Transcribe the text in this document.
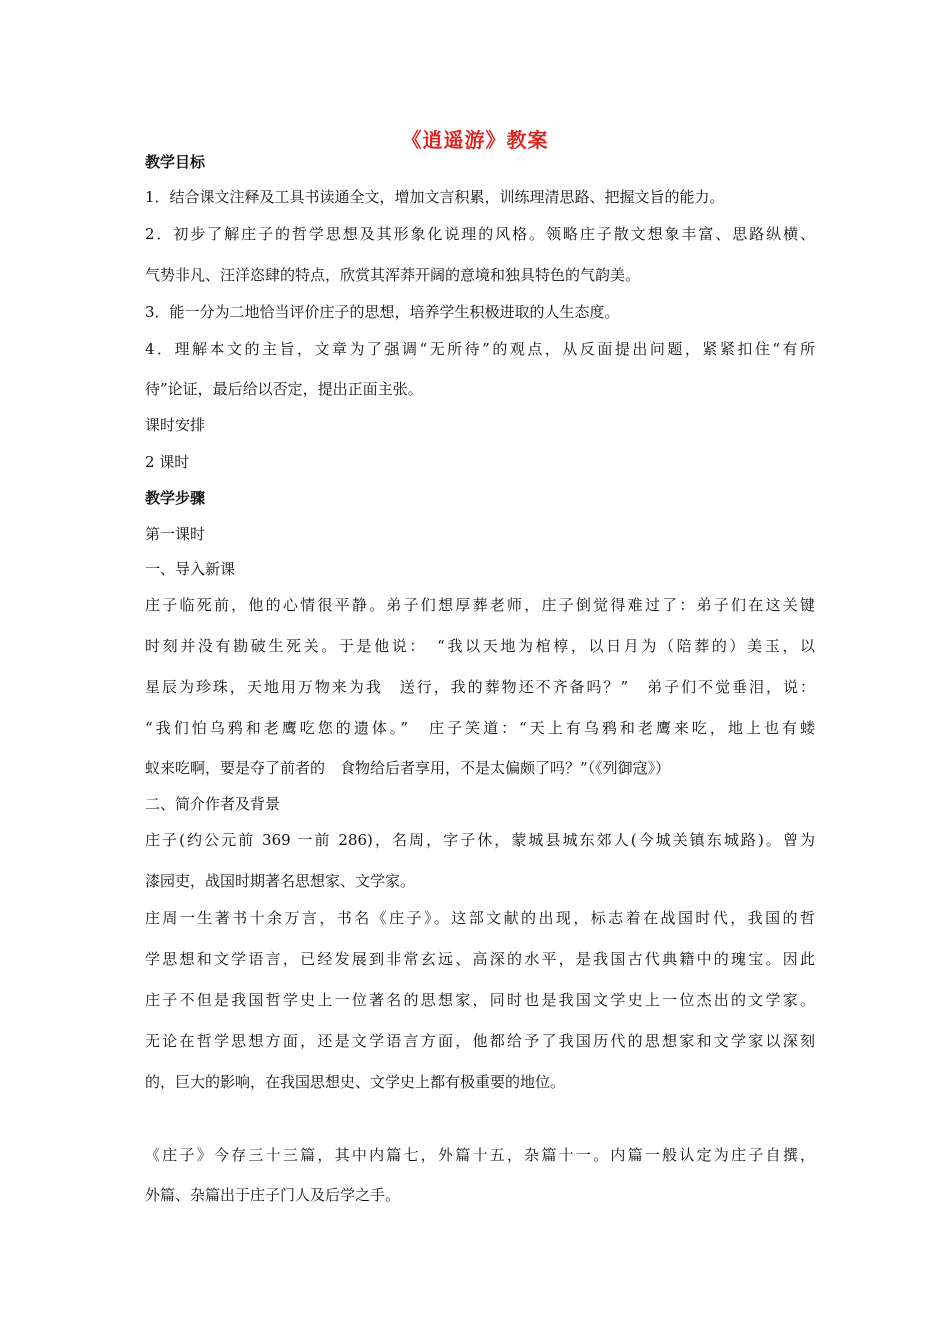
《逍遥游》教案
教学目标
1．结合课文注释及工具书读通全文，增加文言积累，训练理清思路、把握文旨的能力。
2．初步了解庄子的哲学思想及其形象化说理的风格。领略庄子散文想象丰富、思路纵横、
气势非凡、汪洋恣肆的特点，欣赏其浑莽开阔的意境和独具特色的气韵美。
3．能一分为二地恰当评价庄子的思想，培养学生积极进取的人生态度。
4．理解本文的主旨，文章为了强调“无所待”的观点，从反面提出问题，紧紧扣住“有所
待”论证，最后给以否定，提出正面主张。
课时安排
2 课时
教学步骤
第一课时
一、导入新课
庄子临死前，他的心情很平静。弟子们想厚葬老师，庄子倒觉得难过了：弟子们在这关键
时刻并没有勘破生死关。于是他说：　“我以天地为棺椁，以日月为（陪葬的）美玉，以
星辰为珍珠，天地用万物来为我　送行，我的葬物还不齐备吗？”　弟子们不觉垂泪，说：
“我们怕乌鸦和老鹰吃您的遗体。”　庄子笑道：“天上有乌鸦和老鹰来吃，地上也有蝼
蚁来吃啊，要是夺了前者的　食物给后者享用，不是太偏颇了吗？”（《列御寇》）
二、简介作者及背景
庄子(约公元前 369 一前 286)，名周，字子休，蒙城县城东郊人(今城关镇东城路)。曾为
漆园吏，战国时期著名思想家、文学家。
庄周一生著书十余万言，书名《庄子》。这部文献的出现，标志着在战国时代，我国的哲
学思想和文学语言，已经发展到非常玄远、高深的水平，是我国古代典籍中的瑰宝。因此
庄子不但是我国哲学史上一位著名的思想家，同时也是我国文学史上一位杰出的文学家。
无论在哲学思想方面，还是文学语言方面，他都给予了我国历代的思想家和文学家以深刻
的，巨大的影响，在我国思想史、文学史上都有极重要的地位。
《庄子》今存三十三篇，其中内篇七，外篇十五，杂篇十一。内篇一般认定为庄子自撰，
外篇、杂篇出于庄子门人及后学之手。
